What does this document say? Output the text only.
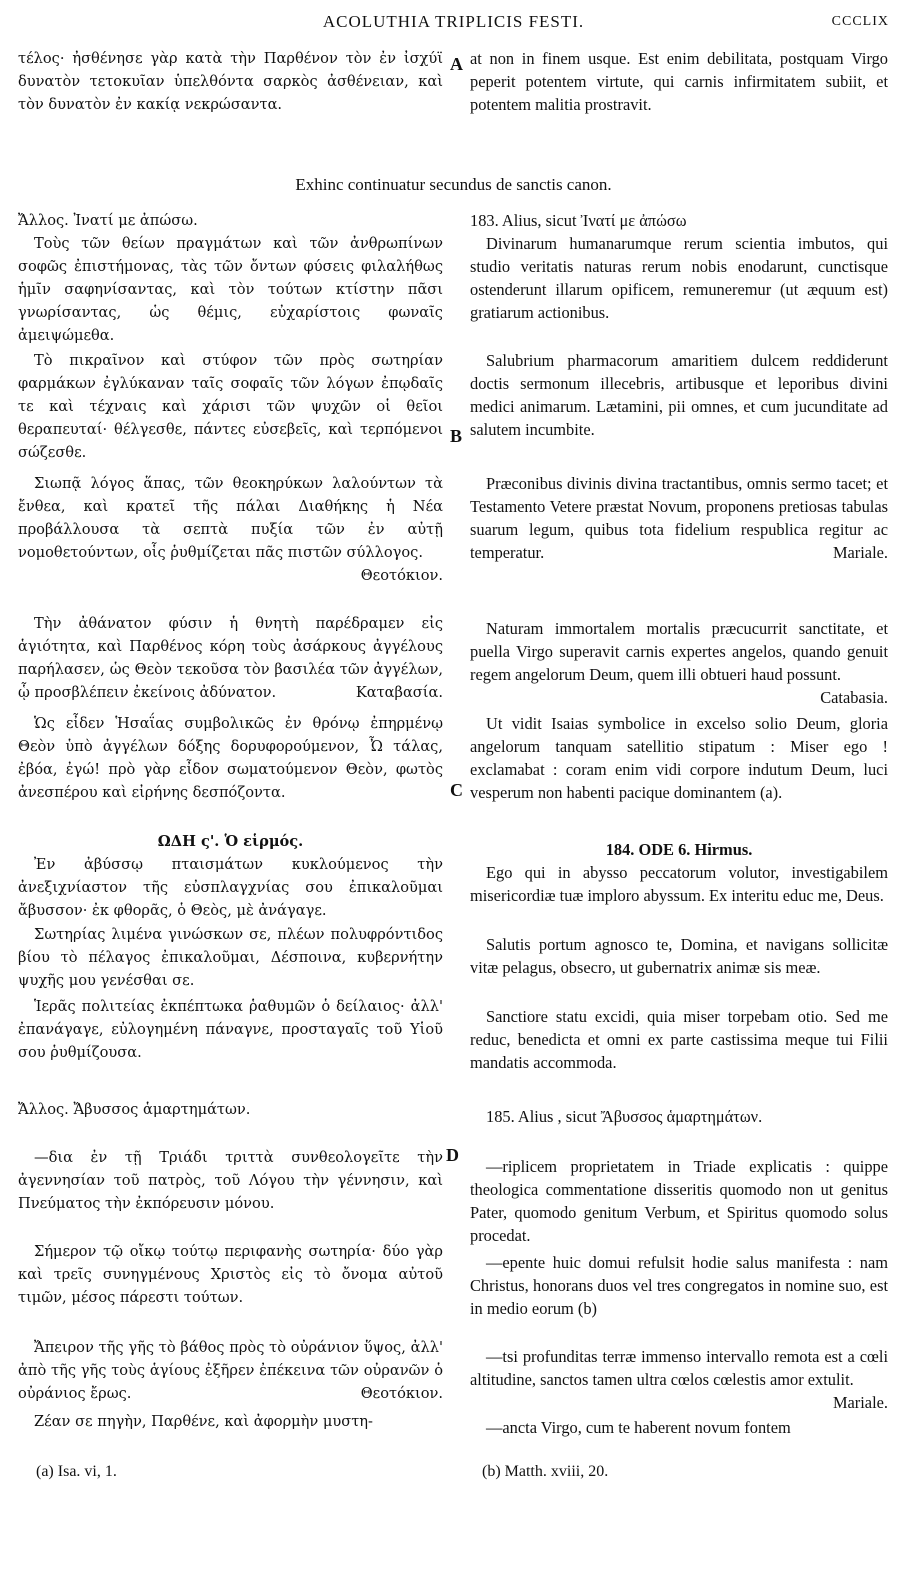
ACOLUTHIA TRIPLICIS FESTI.	CCCLIX
A
B
C
D
Exhinc continuatur secundus de sanctis canon.

τέλος· ἠσθένησε γὰρ κατὰ τὴν Παρθένον τὸν ἐν ἰσχύϊ δυνατὸν τετοκυῖαν ὑπελθόντα σαρκὸς ἀσθένειαν, καὶ τὸν δυνατὸν ἐν κακίᾳ νεκρώσαντα.

Ἄλλος. Ἰνατί με ἀπώσω.

Τοὺς τῶν θείων πραγμάτων καὶ τῶν ἀνθρωπίνων σοφῶς ἐπιστήμονας, τὰς τῶν ὄντων φύσεις φιλαλήθως ἡμῖν σαφηνίσαντας, καὶ τὸν τούτων κτίστην πᾶσι γνωρίσαντας, ὡς θέμις, εὐχαρίστοις φωναῖς ἀμειψώμεθα.

Τὸ πικραῖνον καὶ στύφον τῶν πρὸς σωτηρίαν φαρμάκων ἐγλύκαναν ταῖς σοφαῖς τῶν λόγων ἐπῳδαῖς τε καὶ τέχναις καὶ χάρισι τῶν ψυχῶν οἱ θεῖοι θεραπευταί· θέλγεσθε, πάντες εὐσεβεῖς, καὶ τερπόμενοι σώζεσθε.

Σιωπᾷ λόγος ἅπας, τῶν θεοκηρύκων λαλούντων τὰ ἔνθεα, καὶ κρατεῖ τῆς πάλαι Διαθήκης ἡ Νέα προβάλλουσα τὰ σεπτὰ πυξία τῶν ἐν αὐτῇ νομοθετούντων, οἷς ῥυθμίζεται πᾶς πιστῶν σύλλογος.
Θεοτόκιον.

Τὴν ἀθάνατον φύσιν ἡ θνητὴ παρέδραμεν εἰς ἁγιότητα, καὶ Παρθένος κόρη τοὺς ἀσάρκους ἀγγέλους παρήλασεν, ὡς Θεὸν τεκοῦσα τὸν βασιλέα τῶν ἀγγέλων, ᾧ προσβλέπειν ἐκείνοις ἀδύνατον.	Καταβασία.

Ὡς εἶδεν Ἡσαΐας συμβολικῶς ἐν θρόνῳ ἐπηρμένῳ Θεὸν ὑπὸ ἀγγέλων δόξης δορυφορούμενον, Ὦ τάλας, ἐβόα, ἐγώ! πρὸ γὰρ εἶδον σωματούμενον Θεὸν, φωτὸς ἀνεσπέρου καὶ εἰρήνης δεσπόζοντα.

ΩΔΗ ς'. Ὁ εἱρμός.

Ἐν ἀβύσσῳ πταισμάτων κυκλούμενος τὴν ἀνεξιχνίαστον τῆς εὐσπλαγχνίας σου ἐπικαλοῦμαι ἄβυσσον· ἐκ φθορᾶς, ὁ Θεὸς, μὲ ἀνάγαγε.

Σωτηρίας λιμένα γινώσκων σε, πλέων πολυφρόντιδος βίου τὸ πέλαγος ἐπικαλοῦμαι, Δέσποινα, κυβερνήτην ψυχῆς μου γενέσθαι σε.

Ἱερᾶς πολιτείας ἐκπέπτωκα ῥαθυμῶν ὁ δείλαιος· ἀλλ' ἐπανάγαγε, εὐλογημένη πάναγνε, προσταγαῖς τοῦ Υἱοῦ σου ῥυθμίζουσα.

Ἄλλος. Ἄβυσσος ἁμαρτημάτων.

—δια ἐν τῇ Τριάδι τριττὰ συνθεολογεῖτε τὴν ἀγεννησίαν τοῦ πατρὸς, τοῦ Λόγου τὴν γέννησιν, καὶ Πνεύματος τὴν ἐκπόρευσιν μόνου.

Σήμερον τῷ οἴκῳ τούτῳ περιφανὴς σωτηρία· δύο γὰρ καὶ τρεῖς συνηγμένους Χριστὸς εἰς τὸ ὄνομα αὐτοῦ τιμῶν, μέσος πάρεστι τούτων.

Ἄπειρον τῆς γῆς τὸ βάθος πρὸς τὸ οὐράνιον ὕψος, ἀλλ' ἀπὸ τῆς γῆς τοὺς ἁγίους ἐξῆρεν ἐπέκεινα τῶν οὐρανῶν ὁ οὐράνιος ἔρως.	Θεοτόκιον.

Ζέαν σε πηγὴν, Παρθένε, καὶ ἀφορμὴν μυστη-

at non in finem usque. Est enim debilitata, postquam Virgo peperit potentem virtute, qui carnis infirmitatem subiit, et potentem malitia prostravit.

183. Alius, sicut Ἰνατί με ἀπώσω

Divinarum humanarumque rerum scientia imbutos, qui studio veritatis naturas rerum nobis enodarunt, cunctisque ostenderunt illarum opificem, remuneremur (ut æquum est) gratiarum actionibus.

Salubrium pharmacorum amaritiem dulcem reddiderunt doctis sermonum illecebris, artibusque et leporibus divini medici animarum. Lætamini, pii omnes, et cum jucunditate ad salutem incumbite.

Præconibus divinis divina tractantibus, omnis sermo tacet; et Testamento Vetere præstat Novum, proponens pretiosas tabulas suarum legum, quibus tota fidelium respublica regitur ac temperatur.	Mariale.

Naturam immortalem mortalis præcucurrit sanctitate, et puella Virgo superavit carnis expertes angelos, quando genuit regem angelorum Deum, quem illi obtueri haud possunt.
Catabasia.

Ut vidit Isaias symbolice in excelso solio Deum, gloria angelorum tanquam satellitio stipatum : Miser ego ! exclamabat : coram enim vidi corpore indutum Deum, luci vesperum non habenti pacique dominantem (a).

184. ODE 6. Hirmus.

Ego qui in abysso peccatorum volutor, investigabilem misericordiæ tuæ imploro abyssum. Ex interitu educ me, Deus.

Salutis portum agnosco te, Domina, et navigans sollicitæ vitæ pelagus, obsecro, ut gubernatrix animæ sis meæ.

Sanctiore statu excidi, quia miser torpebam otio. Sed me reduc, benedicta et omni ex parte castissima meque tui Filii mandatis accommoda.

185. Alius , sicut Ἄβυσσος ἁμαρτημάτων.

—riplicem proprietatem in Triade explicatis : quippe theologica commentatione disseritis quomodo non ut genitus Pater, quomodo genitum Verbum, et Spiritus quomodo solus procedat.

—epente huic domui refulsit hodie salus manifesta : nam Christus, honorans duos vel tres congregatos in nomine suo, est in medio eorum (b)

—tsi profunditas terræ immenso intervallo remota est a cœli altitudine, sanctos tamen ultra cœlos cœlestis amor extulit.
Mariale.

—ancta Virgo, cum te haberent novum fontem

(a) Isa. vi, 1.	(b) Matth. xviii, 20.
